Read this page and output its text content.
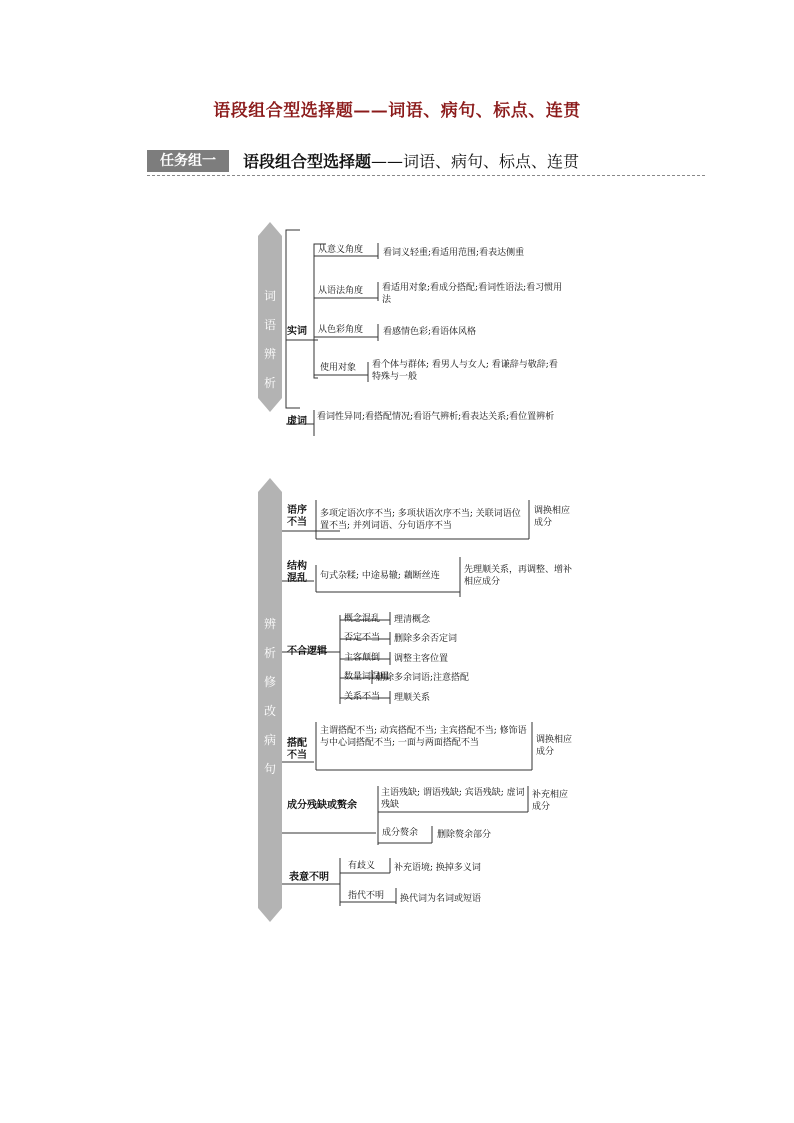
语段组合型选择题——词语、病句、标点、连贯
任务组一	语段组合型选择题——词语、病句、标点、连贯
词
语
辨
析
实词
虚词
从意义角度 看词义轻重;看适用范围;看表达侧重
从语法角度 看适用对象;看成分搭配;看词性语法;看习惯用法
从色彩角度 看感情色彩;看语体风格
使用对象 看个体与群体; 看男人与女人; 看谦辞与敬辞;看特殊与一般
看词性异同;看搭配情况;看语气辨析;看表达关系;看位置辨析
辨
析
修
改
病
句
语序不当
多项定语次序不当; 多项状语次序不当; 关联词语位置不当; 并列词语、分句语序不当
调换相应成分
结构混乱	句式杂糅; 中途易辙; 藕断丝连
先理顺关系，再调整、增补相应成分
不合逻辑
概念混乱 理清概念
否定不当 删除多余否定词
主客颠倒 调整主客位置
数量词误用
删除多余词语;注意搭配
关系不当 理顺关系
搭配不当
主谓搭配不当; 动宾搭配不当; 主宾搭配不当; 修饰语与中心词搭配不当; 一面与两面搭配不当	调换相应成分
成分残缺或赘余
主语残缺; 谓语残缺; 宾语残缺; 虚词残缺
补充相应成分
成分赘余 删除赘余部分
表意不明
有歧义 补充语境; 换掉多义词
指代不明 换代词为名词或短语
